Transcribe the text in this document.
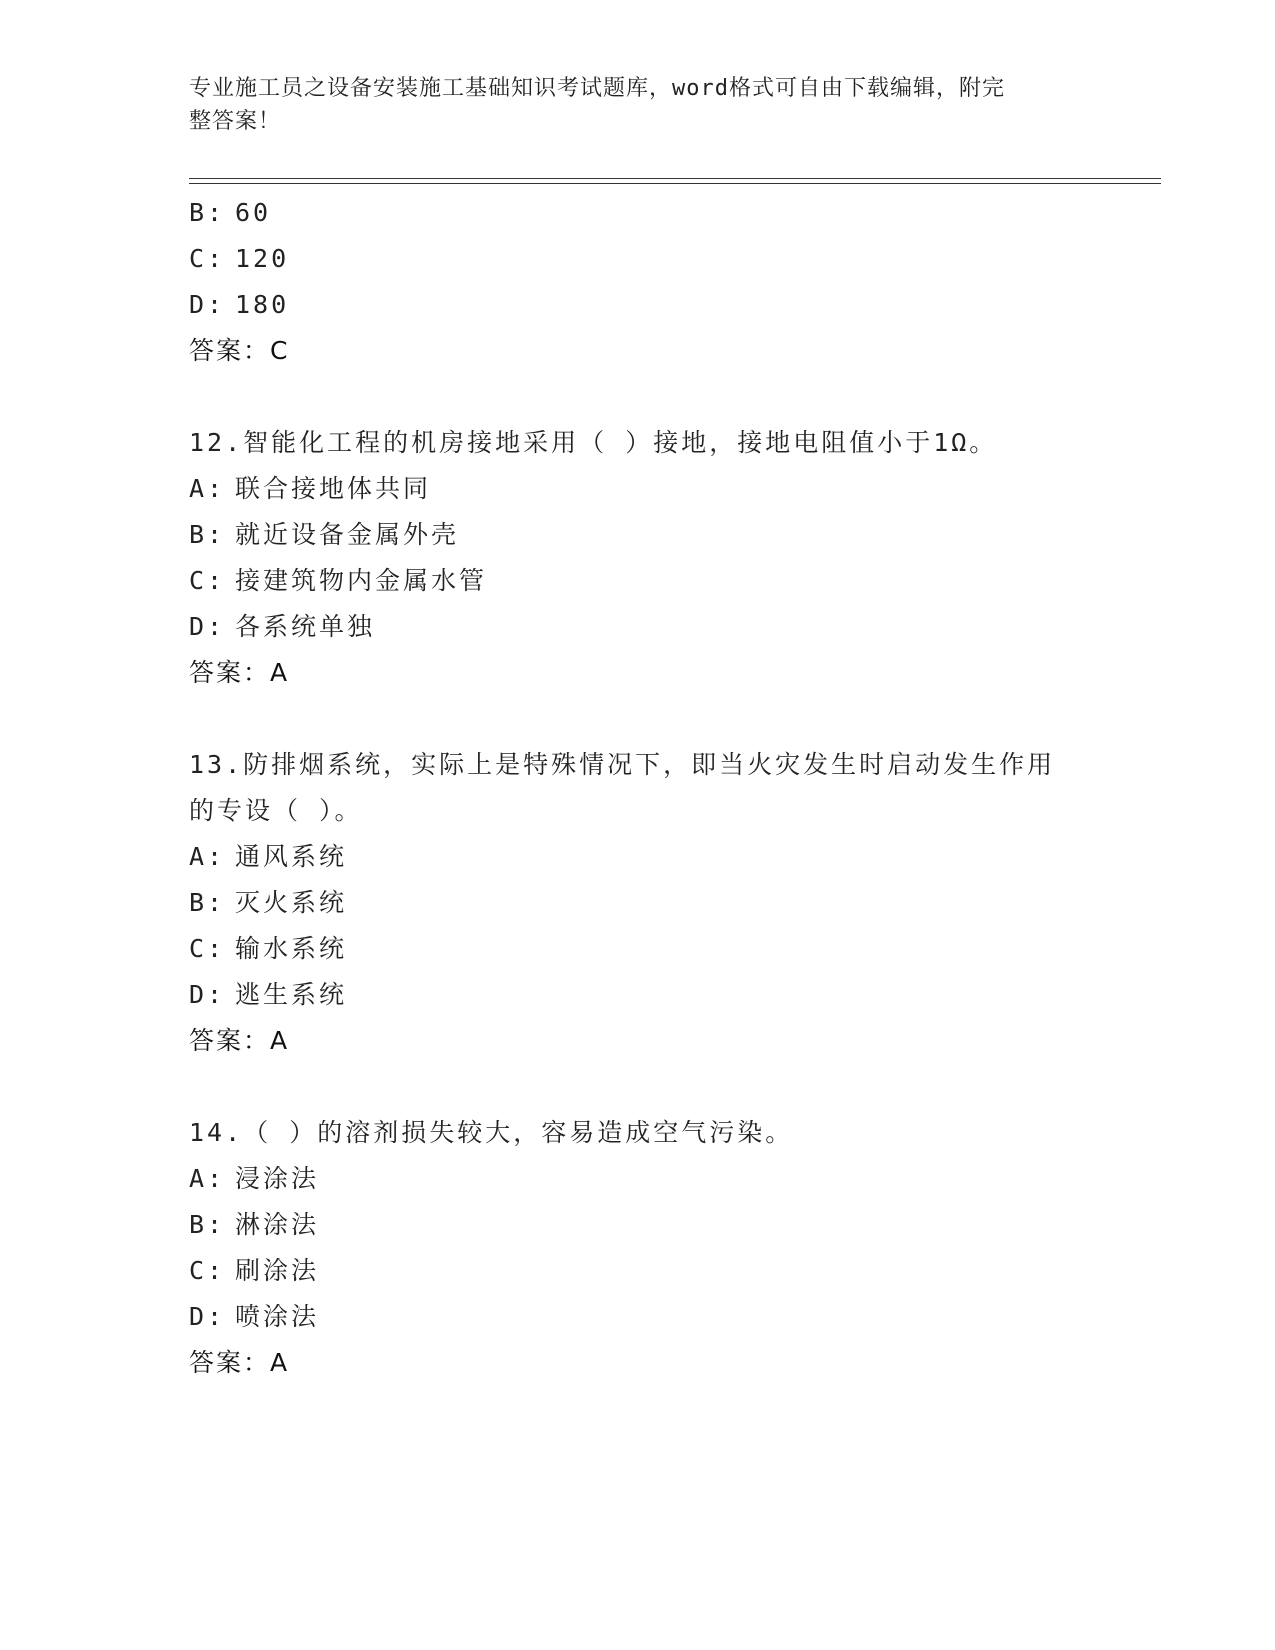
专业施工员之设备安装施工基础知识考试题库，word格式可自由下载编辑，附完
整答案！
B: 60
C: 120
D: 180
答案：C
12.智能化工程的机房接地采用（ ）接地，接地电阻值小于1Ω。
A: 联合接地体共同
B: 就近设备金属外壳
C: 接建筑物内金属水管
D: 各系统单独
答案：A
13.防排烟系统，实际上是特殊情况下，即当火灾发生时启动发生作用
的专设（ ）。
A: 通风系统
B: 灭火系统
C: 输水系统
D: 逃生系统
答案：A
14.（ ）的溶剂损失较大，容易造成空气污染。
A: 浸涂法
B: 淋涂法
C: 刷涂法
D: 喷涂法
答案：A
